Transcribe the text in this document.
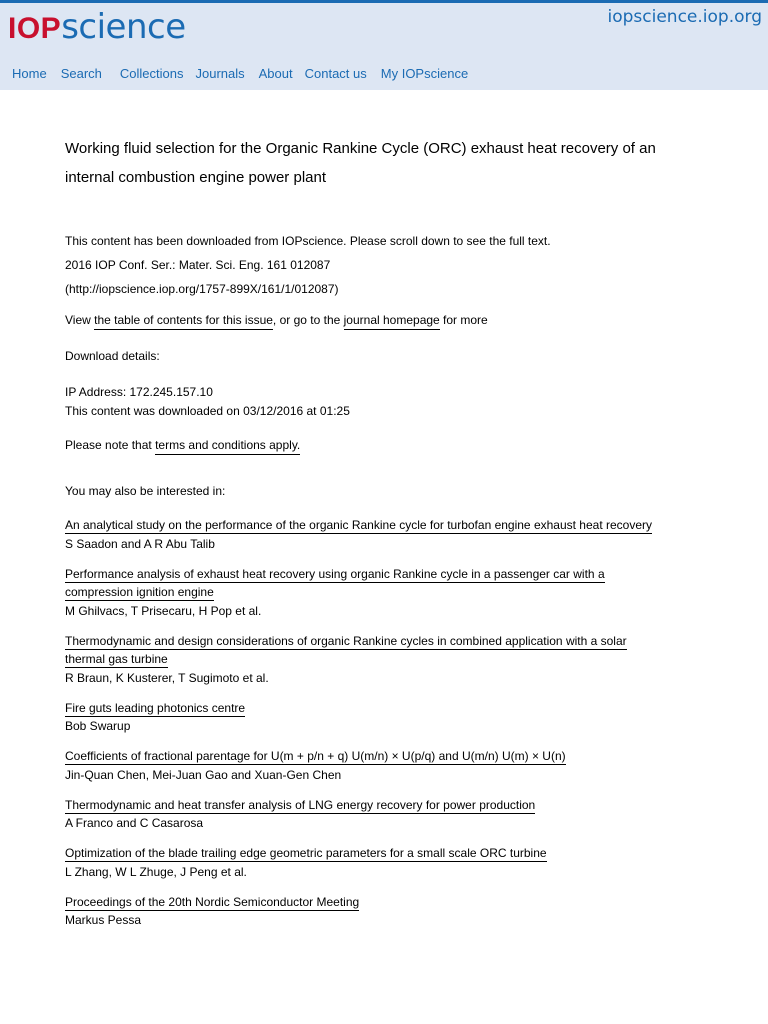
IOPscience	iopscience.iop.org
Home Search Collections Journals About Contact us My IOPscience
Working fluid selection for the Organic Rankine Cycle (ORC) exhaust heat recovery of an internal combustion engine power plant

This content has been downloaded from IOPscience. Please scroll down to see the full text.

2016 IOP Conf. Ser.: Mater. Sci. Eng. 161 012087

(http://iopscience.iop.org/1757-899X/161/1/012087)

View the table of contents for this issue, or go to the journal homepage for more

Download details:

IP Address: 172.245.157.10

This content was downloaded on 03/12/2016 at 01:25

Please note that terms and conditions apply.

You may also be interested in:

An analytical study on the performance of the organic Rankine cycle for turbofan engine exhaust heat recovery
S Saadon and A R Abu Talib
Performance analysis of exhaust heat recovery using organic Rankine cycle in a passenger car with a compression ignition engine
M Ghilvacs, T Prisecaru, H Pop et al.
Thermodynamic and design considerations of organic Rankine cycles in combined application with a solar thermal gas turbine
R Braun, K Kusterer, T Sugimoto et al.
Fire guts leading photonics centre
Bob Swarup
Coefficients of fractional parentage for U(m + p/n + q) U(m/n) × U(p/q) and U(m/n) U(m) × U(n)
Jin-Quan Chen, Mei-Juan Gao and Xuan-Gen Chen
Thermodynamic and heat transfer analysis of LNG energy recovery for power production
A Franco and C Casarosa
Optimization of the blade trailing edge geometric parameters for a small scale ORC turbine
L Zhang, W L Zhuge, J Peng et al.
Proceedings of the 20th Nordic Semiconductor Meeting
Markus Pessa
